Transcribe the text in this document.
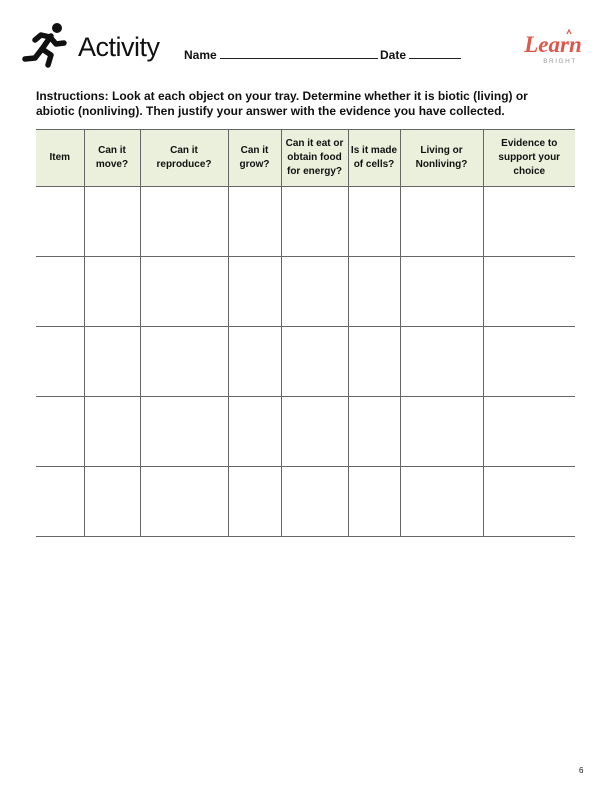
Activity Name	Date	Learn
BRIGHT
Instructions: Look at each object on your tray. Determine whether it is biotic (living) or abiotic (nonliving). Then justify your answer with the evidence you have collected.
Item	Can it move?	Can it reproduce?	Can it grow?	Can it eat or obtain food for energy?	Is it made of cells?	Living or Nonliving?	Evidence to support your choice

6
